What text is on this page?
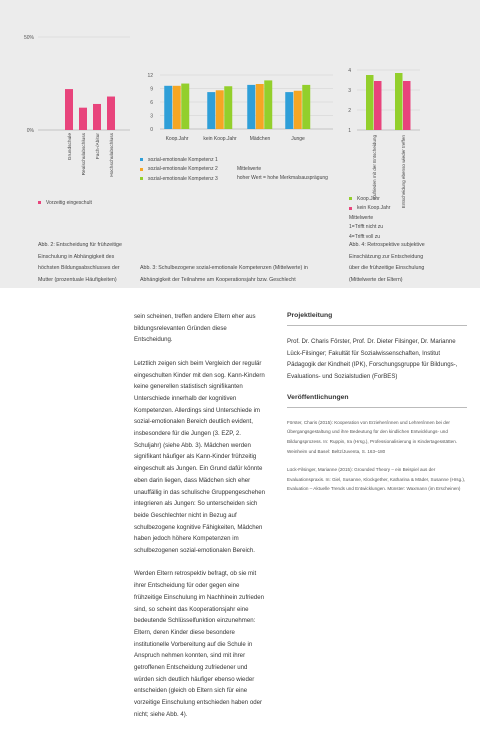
50%
0%
Grundschule Realschulabschluss Fach-/Abitur Hochschulabschluss
12
9
6
3
0
Koop.Jahr	kein Koop.Jahr	Mädchen	Junge
4
3
2
1
Zufrieden mit der Entscheidung	Entscheidung ebenso wieder treffen
Vorzeitig eingeschult
sozial-emotionale Kompetenz 1
sozial-emotionale Kompetenz 2
sozial-emotionale Kompetenz 3
Mittelwerte
hoher Wert = hohe Merkmalsausprägung
Koop.Jahr
kein Koop.Jahr
Mittelwerte
1=Trifft nicht zu
4=Trifft voll zu
Abb. 2: Entscheidung für frühzeitige
Einschulung in Abhängigkeit des
höchsten Bildungsabschlusses der
Mutter (prozentuale Häufigkeiten)
Abb. 3: Schulbezogene sozial-emotionale Kompetenzen (Mittelwerte) in
Abhängigkeit der Teilnahme am Kooperationsjahr bzw. Geschlecht
Abb. 4: Retrospektive subjektive
Einschätzung zur Entscheidung
über die frühzeitige Einschulung
(Mittelwerte der Eltern)

sein scheinen, treffen andere Eltern eher aus bildungsrelevanten Gründen diese Entscheidung.

Letztlich zeigen sich beim Vergleich der regulär eingeschulten Kinder mit den sog. Kann-Kindern keine generellen statistisch signifikanten Unterschiede innerhalb der kognitiven Kompetenzen. Allerdings sind Unterschiede im sozial-emotionalen Bereich deutlich evident, insbesondere für die Jungen (3. EZP, 2. Schuljahr) (siehe Abb. 3). Mädchen werden signifikant häufiger als Kann-Kinder frühzeitig eingeschult als Jungen. Ein Grund dafür könnte eben darin liegen, dass Mädchen sich eher unauffällig in das schulische Gruppengeschehen integrieren als Jungen: So unterscheiden sich beide Geschlechter nicht in Bezug auf schulbezogene kognitive Fähigkeiten, Mädchen haben jedoch höhere Kompetenzen im schulbezogenen sozial-emotionalen Bereich.

Werden Eltern retrospektiv befragt, ob sie mit ihrer Entscheidung für oder gegen eine frühzeitige Einschulung im Nachhinein zufrieden sind, so scheint das Kooperationsjahr eine bedeutende Schlüsselfunktion einzunehmen: Eltern, deren Kinder diese besondere institutionelle Vorbereitung auf die Schule in Anspruch nehmen konnten, sind mit ihrer getroffenen Entscheidung zufriedener und würden sich deutlich häufiger ebenso wieder entscheiden (gleich ob Eltern sich für eine vorzeitige Einschulung entschieden haben oder nicht; siehe Abb. 4).

Projektleitung

Prof. Dr. Charis Förster, Prof. Dr. Dieter Filsinger, Dr. Marianne Lück-Filsinger; Fakultät für Sozialwissenschaften, Institut Pädagogik der Kindheit (IPK), Forschungsgruppe für Bildungs-, Evaluations- und Sozialstudien (ForBES)

Veröffentlichungen

Förster, Charis (2015): Kooperation von Erzieher/innen und Lehrer/innen bei der Übergangsgestaltung und ihre Bedeutung für den kindlichen Entwicklungs- und Bildungsprozess. In: Ruppin, Ira (Hrsg.), Professionalisierung in Kindertagesstätten. Weinheim und Basel: Beltz/Juventa, S. 163–180

Lück-Filsinger, Marianne (2015): Grounded Theory – ein Beispiel aus der Evaluationspraxis. In: Giel, Susanne, Klockgether, Katharina & Mäder, Susanne (Hrsg.), Evaluation – Aktuelle Trends und Entwicklungen. Münster: Waxmann (im Erscheinen)
